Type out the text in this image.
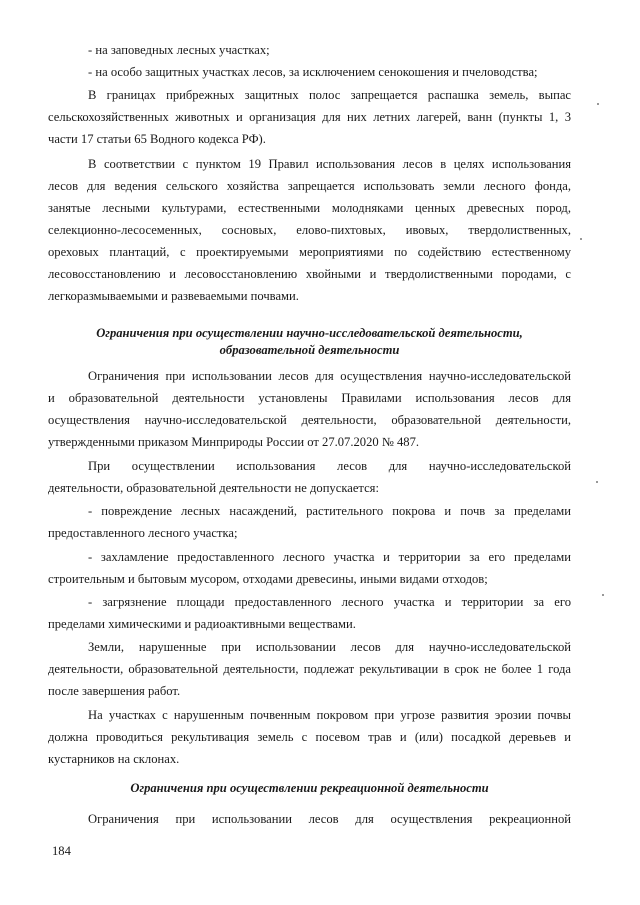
- на заповедных лесных участках;
- на особо защитных участках лесов, за исключением сенокошения и пчеловодства;
В границах прибрежных защитных полос запрещается распашка земель, выпас
сельскохозяйственных животных и организация для них летних лагерей, ванн (пункты 1, 3
части 17 статьи 65 Водного кодекса РФ).
В соответствии с пунктом 19 Правил использования лесов в целях использования
лесов для ведения сельского хозяйства запрещается использовать земли лесного фонда,
занятые лесными культурами, естественными молодняками ценных древесных пород,
селекционно-лесосеменных, сосновых, елово-пихтовых, ивовых, твердолиственных,
ореховых плантаций, с проектируемыми мероприятиями по содействию естественному
лесовосстановлению и лесовосстановлению хвойными и твердолиственными породами, с
легкоразмываемыми и развеваемыми почвами.
Ограничения при осуществлении научно-исследовательской деятельности,
образовательной деятельности
Ограничения при использовании лесов для осуществления научно-исследовательской
и образовательной деятельности установлены Правилами использования лесов для
осуществления научно-исследовательской деятельности, образовательной деятельности,
утвержденными приказом Минприроды России от 27.07.2020 № 487.
При осуществлении использования лесов для научно-исследовательской
деятельности, образовательной деятельности не допускается:
- повреждение лесных насаждений, растительного покрова и почв за пределами
предоставленного лесного участка;
- захламление предоставленного лесного участка и территории за его пределами
строительным и бытовым мусором, отходами древесины, иными видами отходов;
- загрязнение площади предоставленного лесного участка и территории за его
пределами химическими и радиоактивными веществами.
Земли, нарушенные при использовании лесов для научно-исследовательской
деятельности, образовательной деятельности, подлежат рекультивации в срок не более 1 года
после завершения работ.
На участках с нарушенным почвенным покровом при угрозе развития эрозии почвы
должна проводиться рекультивация земель с посевом трав и (или) посадкой деревьев и
кустарников на склонах.
Ограничения при осуществлении рекреационной деятельности
Ограничения при использовании лесов для осуществления рекреационной
184
